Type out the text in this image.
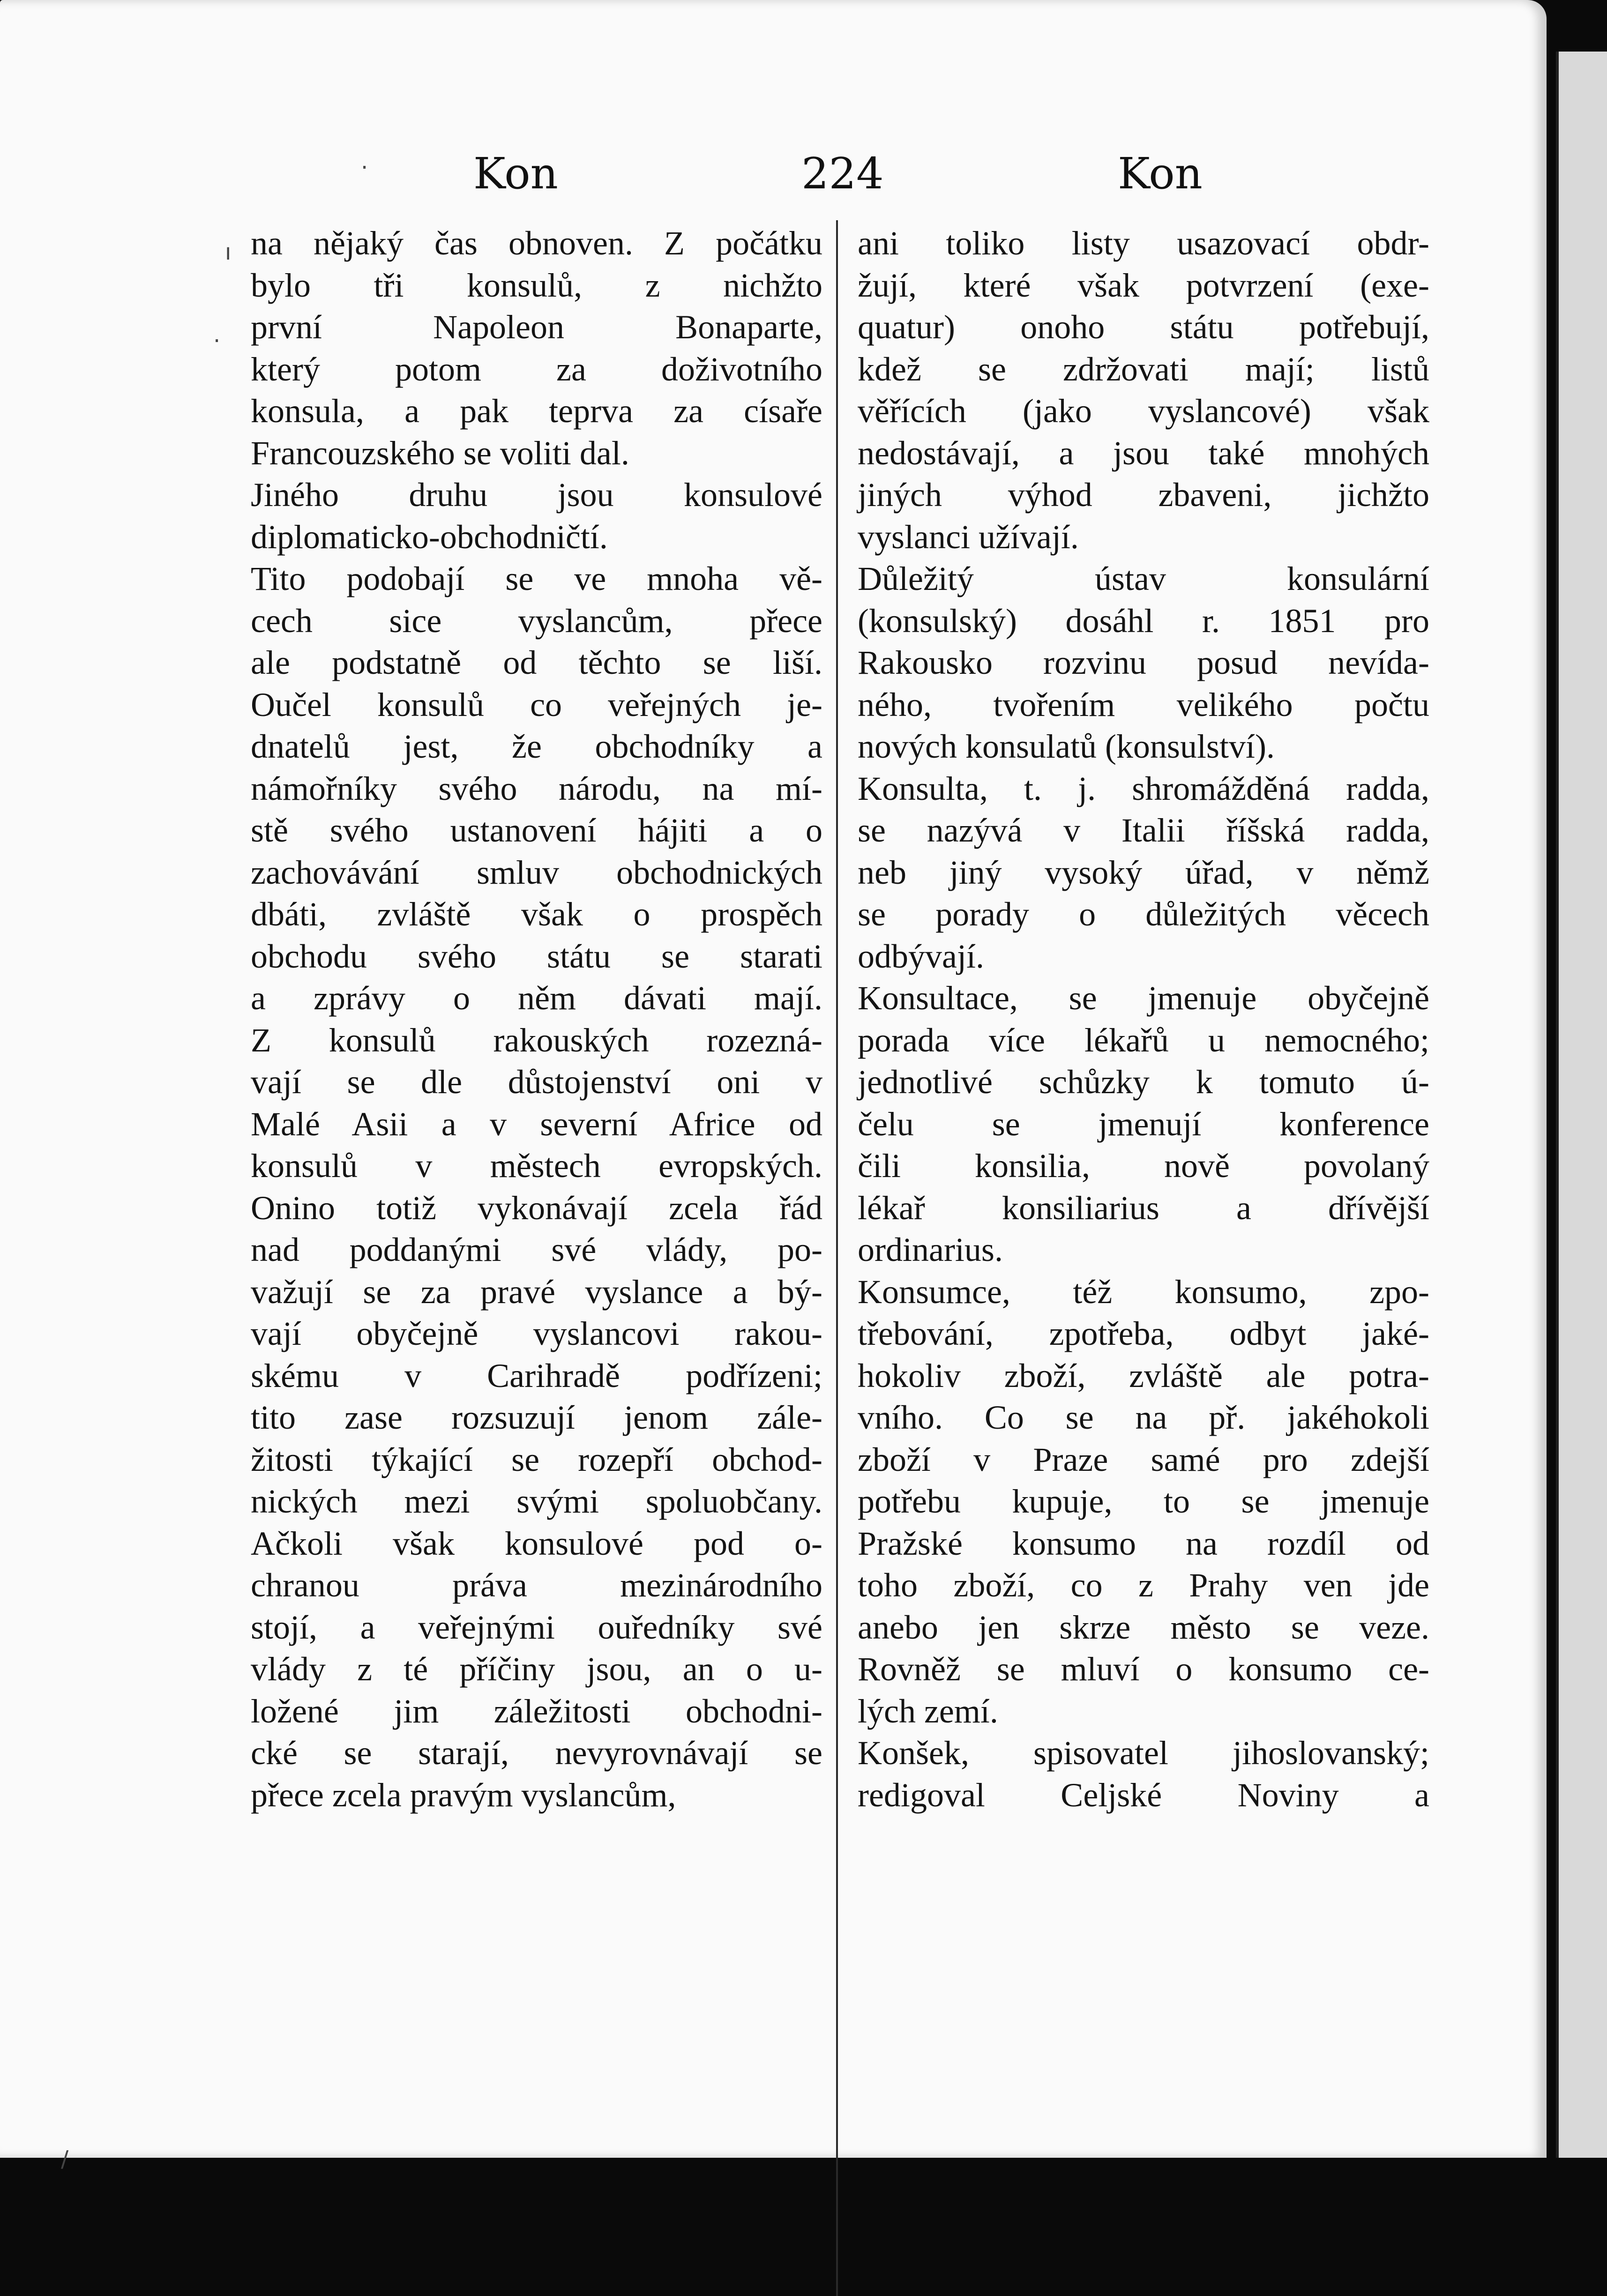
Kon	224	Kon
·
ı
·
/
na nějaký čas obnoven. Z počátku
bylo tři konsulů, z nichžto
první Napoleon Bonaparte,
který potom za doživotního
konsula, a pak teprva za císaře
Francouzského se voliti dal.
Jiného druhu jsou konsulové
diplomaticko-obchodničtí.
Tito podobají se ve mnoha vě-
cech sice vyslancům, přece
ale podstatně od těchto se liší.
Oučel konsulů co veřejných je-
dnatelů jest, že obchodníky a
námořníky svého národu, na mí-
stě svého ustanovení hájiti a o
zachovávání smluv obchodnických
dbáti, zvláště však o prospěch
obchodu svého státu se starati
a zprávy o něm dávati mají.
Z konsulů rakouských rozezná-
vají se dle důstojenství oni v
Malé Asii a v severní Africe od
konsulů v městech evropských.
Onino totiž vykonávají zcela řád
nad poddanými své vlády, po-
važují se za pravé vyslance a bý-
vají obyčejně vyslancovi rakou-
skému v Carihradě podřízeni;
tito zase rozsuzují jenom zále-
žitosti týkající se rozepří obchod-
nických mezi svými spoluobčany.
Ačkoli však konsulové pod o-
chranou práva mezinárodního
stojí, a veřejnými ouředníky své
vlády z té příčiny jsou, an o u-
ložené jim záležitosti obchodni-
cké se starají, nevyrovnávají se
přece zcela pravým vyslancům,
ani toliko listy usazovací obdr-
žují, které však potvrzení (exe-
quatur) onoho státu potřebují,
kdež se zdržovati mají; listů
věřících (jako vyslancové) však
nedostávají, a jsou také mnohých
jiných výhod zbaveni, jichžto
vyslanci užívají.
Důležitý ústav konsulární
(konsulský) dosáhl r. 1851 pro
Rakousko rozvinu posud nevída-
ného, tvořením velikého počtu
nových konsulatů (konsulství).
Konsulta, t. j. shromážděná radda,
se nazývá v Italii říšská radda,
neb jiný vysoký úřad, v němž
se porady o důležitých věcech
odbývají.
Konsultace, se jmenuje obyčejně
porada více lékařů u nemocného;
jednotlivé schůzky k tomuto ú-
čelu se jmenují konference
čili konsilia, nově povolaný
lékař konsiliarius a dřívější
ordinarius.
Konsumce, též konsumo, zpo-
třebování, zpotřeba, odbyt jaké-
hokoliv zboží, zvláště ale potra-
vního. Co se na př. jakéhokoli
zboží v Praze samé pro zdejší
potřebu kupuje, to se jmenuje
Pražské konsumo na rozdíl od
toho zboží, co z Prahy ven jde
anebo jen skrze město se veze.
Rovněž se mluví o konsumo ce-
lých zemí.
Konšek, spisovatel jihoslovanský;
redigoval Celjské Noviny a
